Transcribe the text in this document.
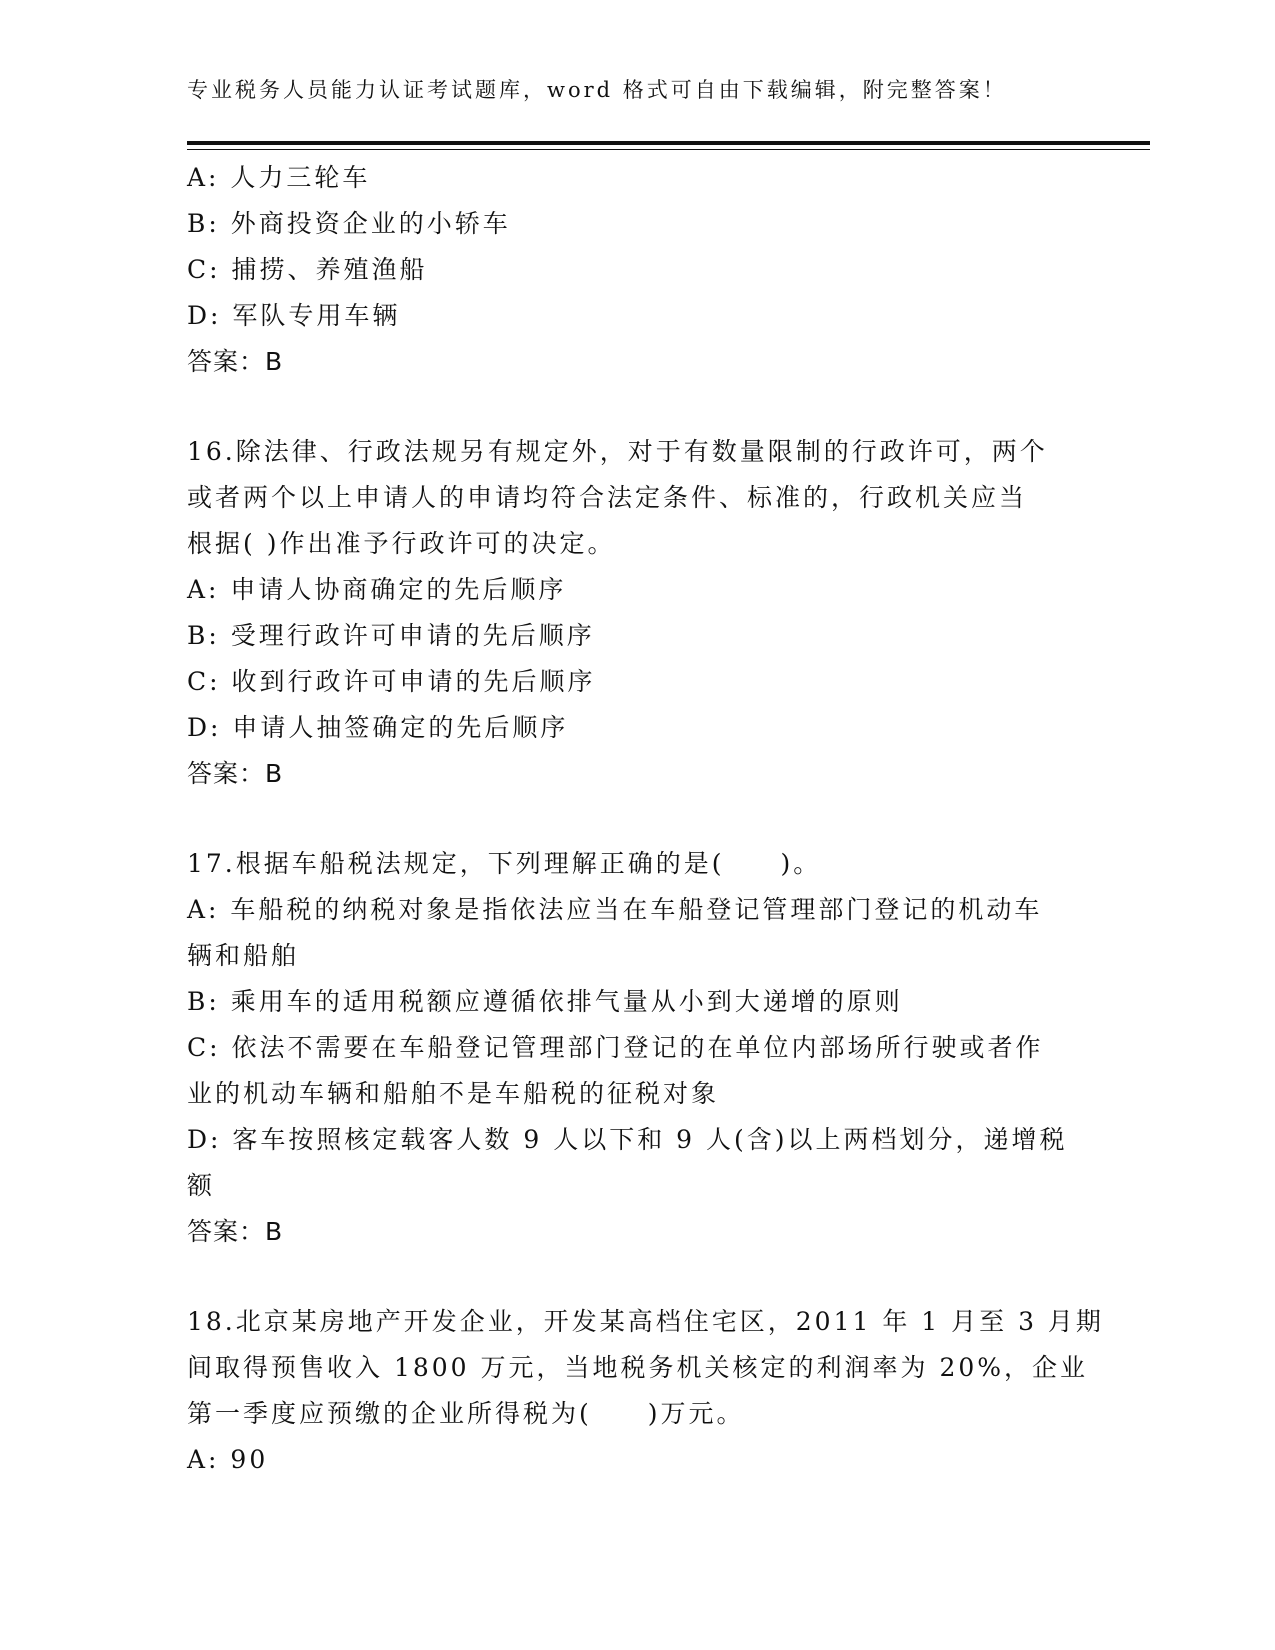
专业税务人员能力认证考试题库，word 格式可自由下载编辑，附完整答案！
A: 人力三轮车
B: 外商投资企业的小轿车
C: 捕捞、养殖渔船
D: 军队专用车辆
答案：B
16.除法律、行政法规另有规定外，对于有数量限制的行政许可，两个
或者两个以上申请人的申请均符合法定条件、标准的，行政机关应当
根据( )作出准予行政许可的决定。
A: 申请人协商确定的先后顺序
B: 受理行政许可申请的先后顺序
C: 收到行政许可申请的先后顺序
D: 申请人抽签确定的先后顺序
答案：B
17.根据车船税法规定，下列理解正确的是(　　)。
A: 车船税的纳税对象是指依法应当在车船登记管理部门登记的机动车
辆和船舶
B: 乘用车的适用税额应遵循依排气量从小到大递增的原则
C: 依法不需要在车船登记管理部门登记的在单位内部场所行驶或者作
业的机动车辆和船舶不是车船税的征税对象
D: 客车按照核定载客人数 9 人以下和 9 人(含)以上两档划分，递增税
额
答案：B
18.北京某房地产开发企业，开发某高档住宅区，2011 年 1 月至 3 月期
间取得预售收入 1800 万元，当地税务机关核定的利润率为 20%，企业
第一季度应预缴的企业所得税为(　　)万元。
A: 90
